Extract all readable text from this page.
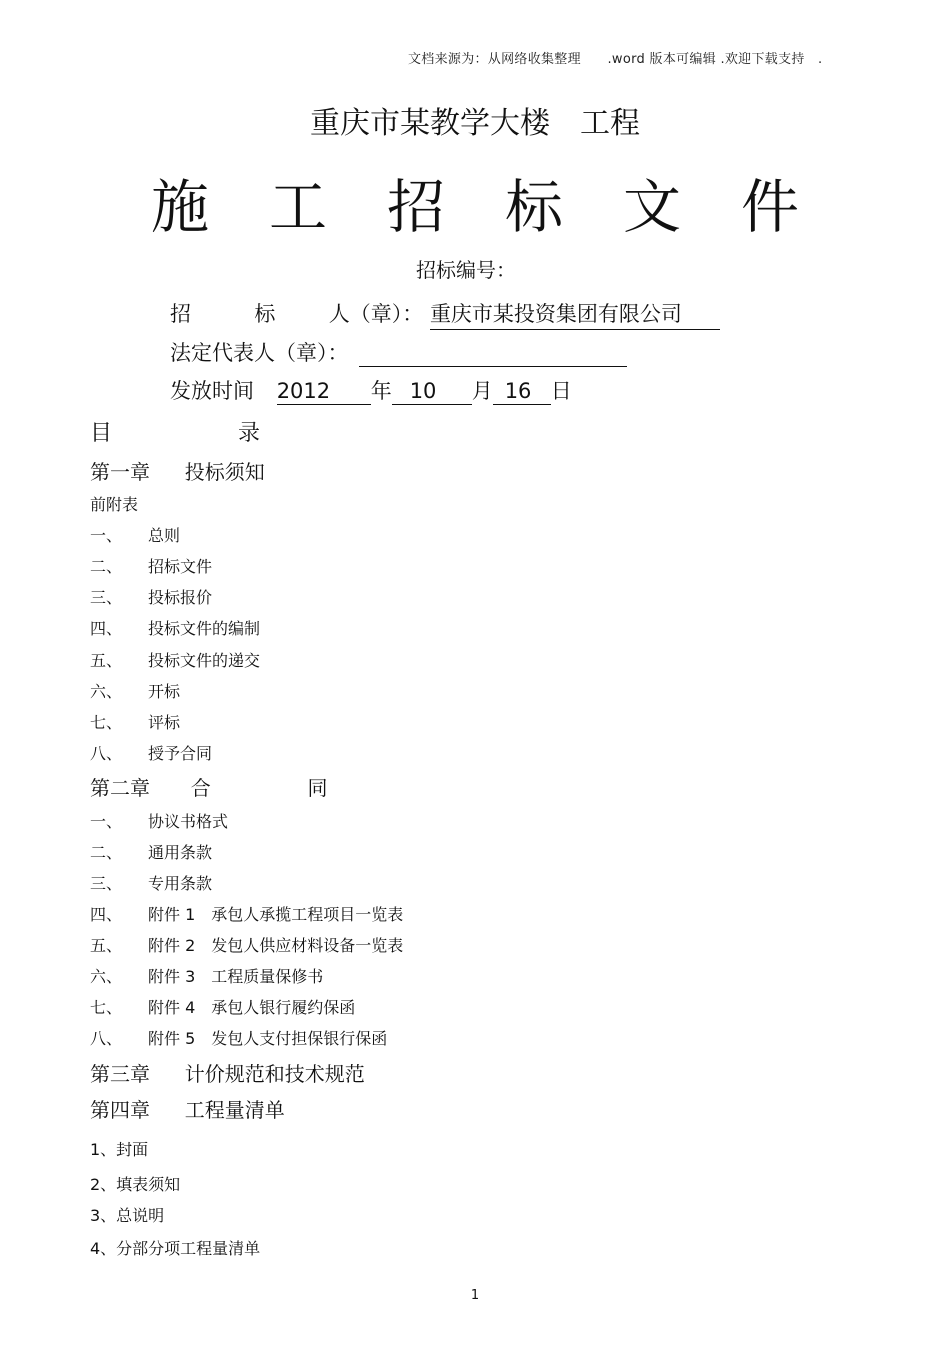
文档来源为：从网络收集整理　　.word 版本可编辑 .欢迎下载支持　.
重庆市某教学大楼　工程
施 工 招 标 文 件
招标编号：
招	标	人（章）： 重庆市某投资集团有限公司
法定代表人（章）：
发放时间 2012 年 10 月 16 日
目	录
第一章 投标须知
前附表
一、 总则
二、 招标文件
三、 投标报价
四、 投标文件的编制
五、 投标文件的递交
六、 开标
七、 评标
八、 授予合同
第二章 合	同
一、 协议书格式
二、 通用条款
三、 专用条款
四、 附件 1　承包人承揽工程项目一览表
五、 附件 2　发包人供应材料设备一览表
六、 附件 3　工程质量保修书
七、 附件 4　承包人银行履约保函
八、 附件 5　发包人支付担保银行保函
第三章 计价规范和技术规范
第四章 工程量清单
1、封面
2、填表须知
3、总说明
4、分部分项工程量清单
1
